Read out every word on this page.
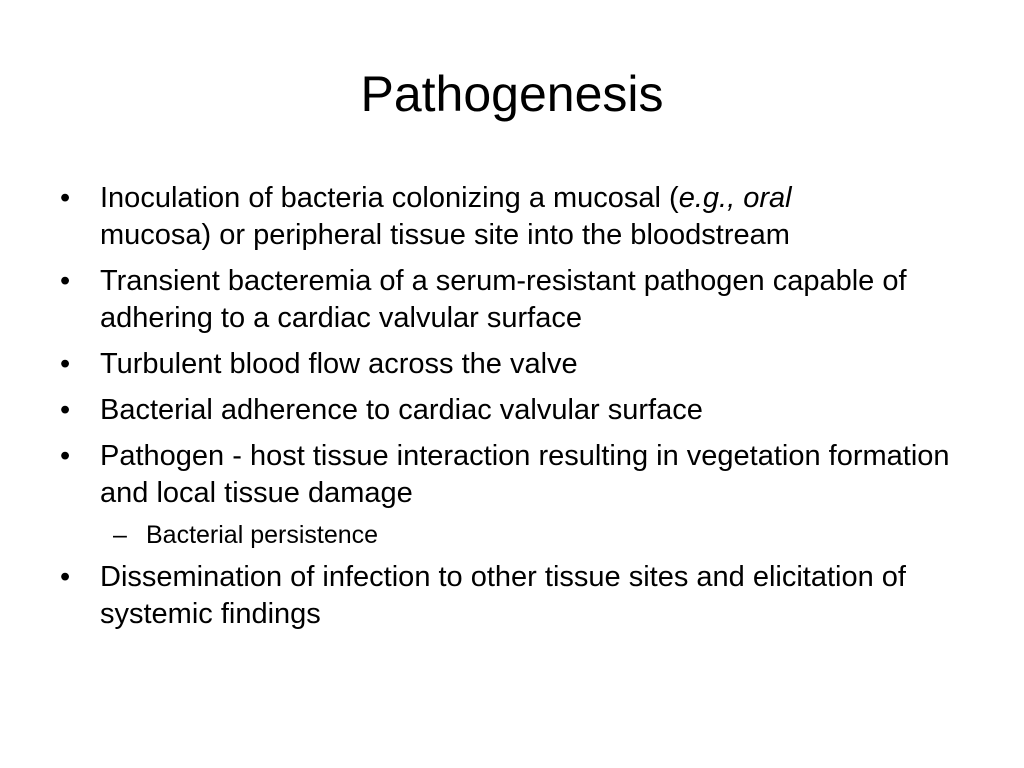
Pathogenesis
• Inoculation of bacteria colonizing a mucosal (e.g., oral
mucosa) or peripheral tissue site into the bloodstream
• Transient bacteremia of a serum-resistant pathogen capable of adhering to a cardiac valvular surface
• Turbulent blood flow across the valve
• Bacterial adherence to cardiac valvular surface
• Pathogen - host tissue interaction resulting in vegetation formation and local tissue damage
– Bacterial persistence
• Dissemination of infection to other tissue sites and elicitation of systemic findings
